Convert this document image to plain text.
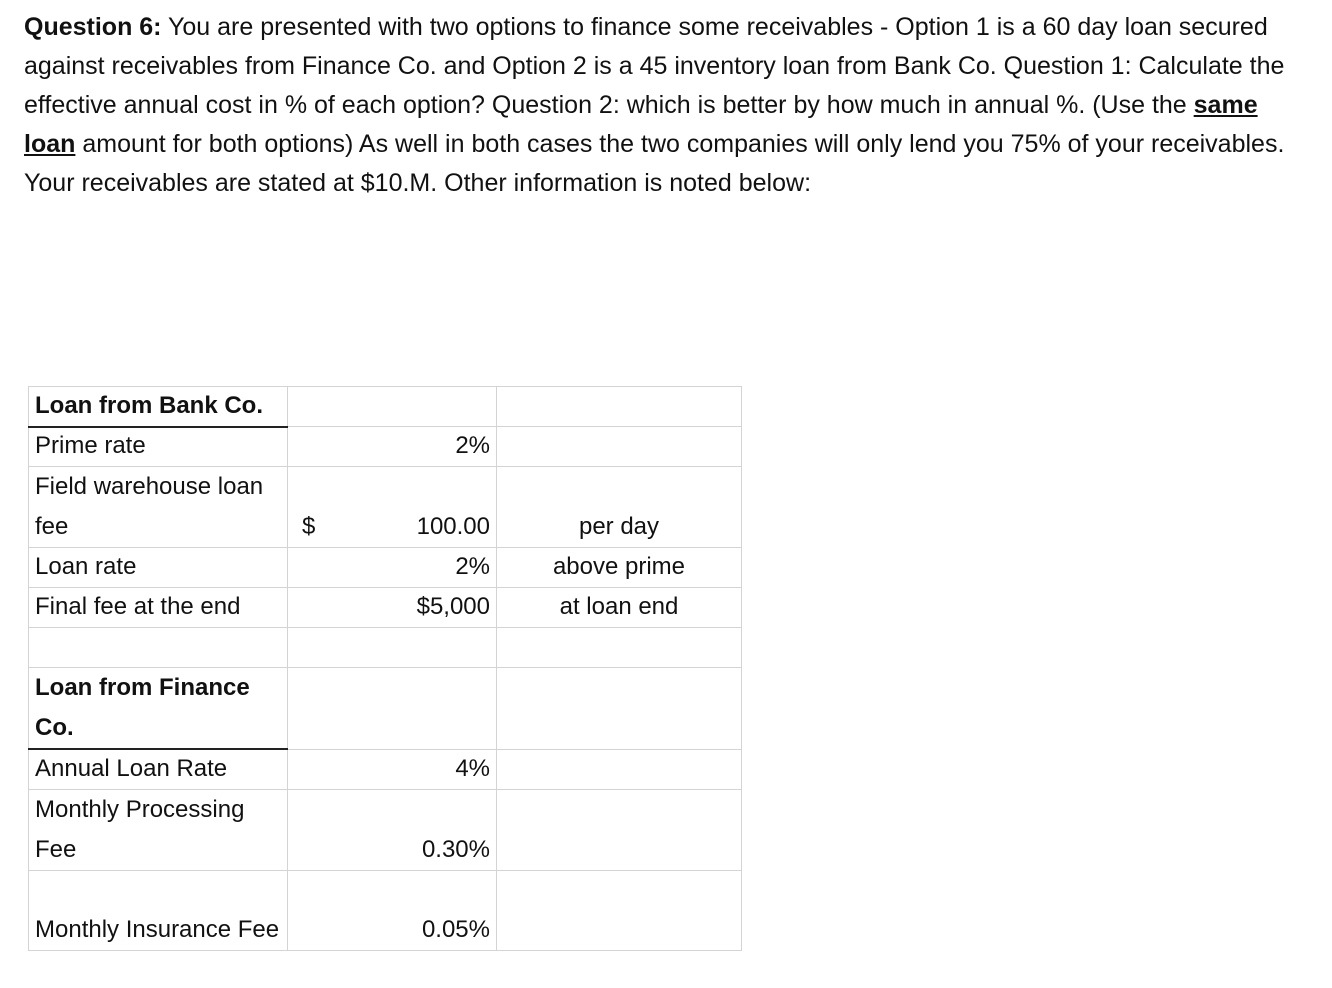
Question 6: You are presented with two options to finance some receivables - Option 1 is a 60 day loan secured against receivables from Finance Co. and Option 2 is a 45 inventory loan from Bank Co. Question 1: Calculate the effective annual cost in % of each option? Question 2: which is better by how much in annual %. (Use the same loan amount for both options) As well in both cases the two companies will only lend you 75% of your receivables. Your receivables are stated at $10.M. Other information is noted below:

Loan from Bank Co.		
Prime rate	2%	
Field warehouse loan fee	$ 100.00	per day
Loan rate	2%	above prime
Final fee at the end	$5,000	at loan end

Loan from Finance Co.		
Annual Loan Rate	4%	
Monthly Processing Fee	0.30%	
Monthly Insurance Fee	0.05%	
